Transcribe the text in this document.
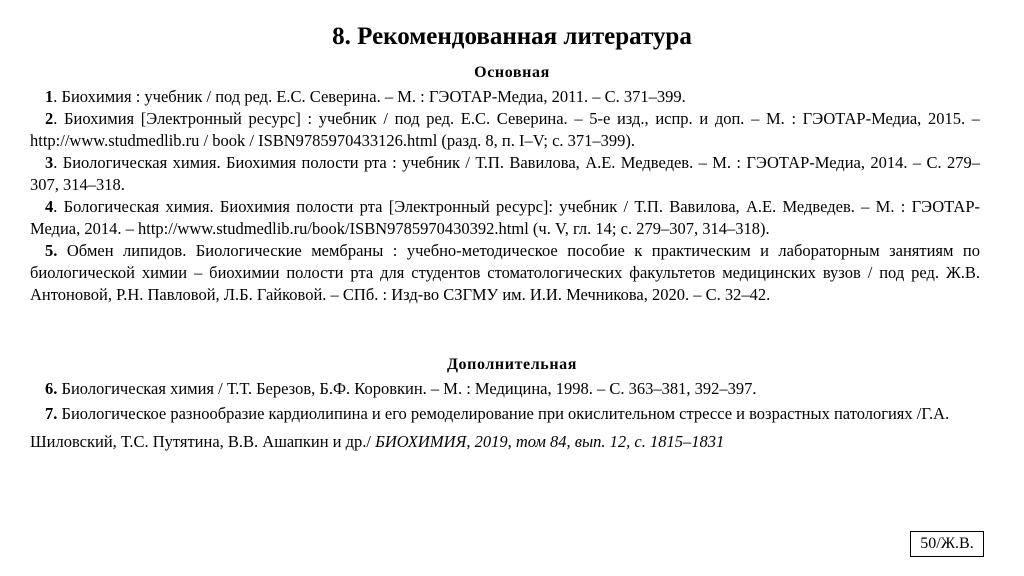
8. Рекомендованная литература
Основная

1. Биохимия : учебник / под ред. Е.С. Северина. – М. : ГЭОТАР-Медиа, 2011. – С. 371–399.

2. Биохимия [Электронный ресурс] : учебник / под ред. Е.С. Северина. – 5-е изд., испр. и доп. – М. : ГЭОТАР-Медиа, 2015. – http://www.studmedlib.ru / book / ISBN9785970433126.html (разд. 8, п. I–V; с. 371–399).

3. Биологическая химия. Биохимия полости рта : учебник / Т.П. Вавилова, А.Е. Медведев. – М. : ГЭОТАР-Медиа, 2014. – С. 279–307, 314–318.

4. Бологическая химия. Биохимия полости рта [Электронный ресурс]: учебник / Т.П. Вавилова, А.Е. Медведев. – М. : ГЭОТАР-Медиа, 2014. – http://www.studmedlib.ru/book/ISBN9785970430392.html (ч. V, гл. 14; с. 279–307, 314–318).

5. Обмен липидов. Биологические мембраны : учебно-методическое пособие к практическим и лабораторным занятиям по биологической химии – биохимии полости рта для студентов стоматологических факультетов медицинских вузов / под ред. Ж.В. Антоновой, Р.Н. Павловой, Л.Б. Гайковой. – СПб. : Изд-во СЗГМУ им. И.И. Мечникова, 2020. – С. 32–42.

Дополнительная

6. Биологическая химия / Т.Т. Березов, Б.Ф. Коровкин. – М. : Медицина, 1998. – С. 363–381, 392–397.

7. Биологическое разнообразие кардиолипина и его ремоделирование при окислительном стрессе и возрастных патологиях /Г.А. Шиловский, Т.С. Путятина, В.В. Ашапкин и др./ БИОХИМИЯ, 2019, том 84, вып. 12, с. 1815–1831

50/Ж.В.
